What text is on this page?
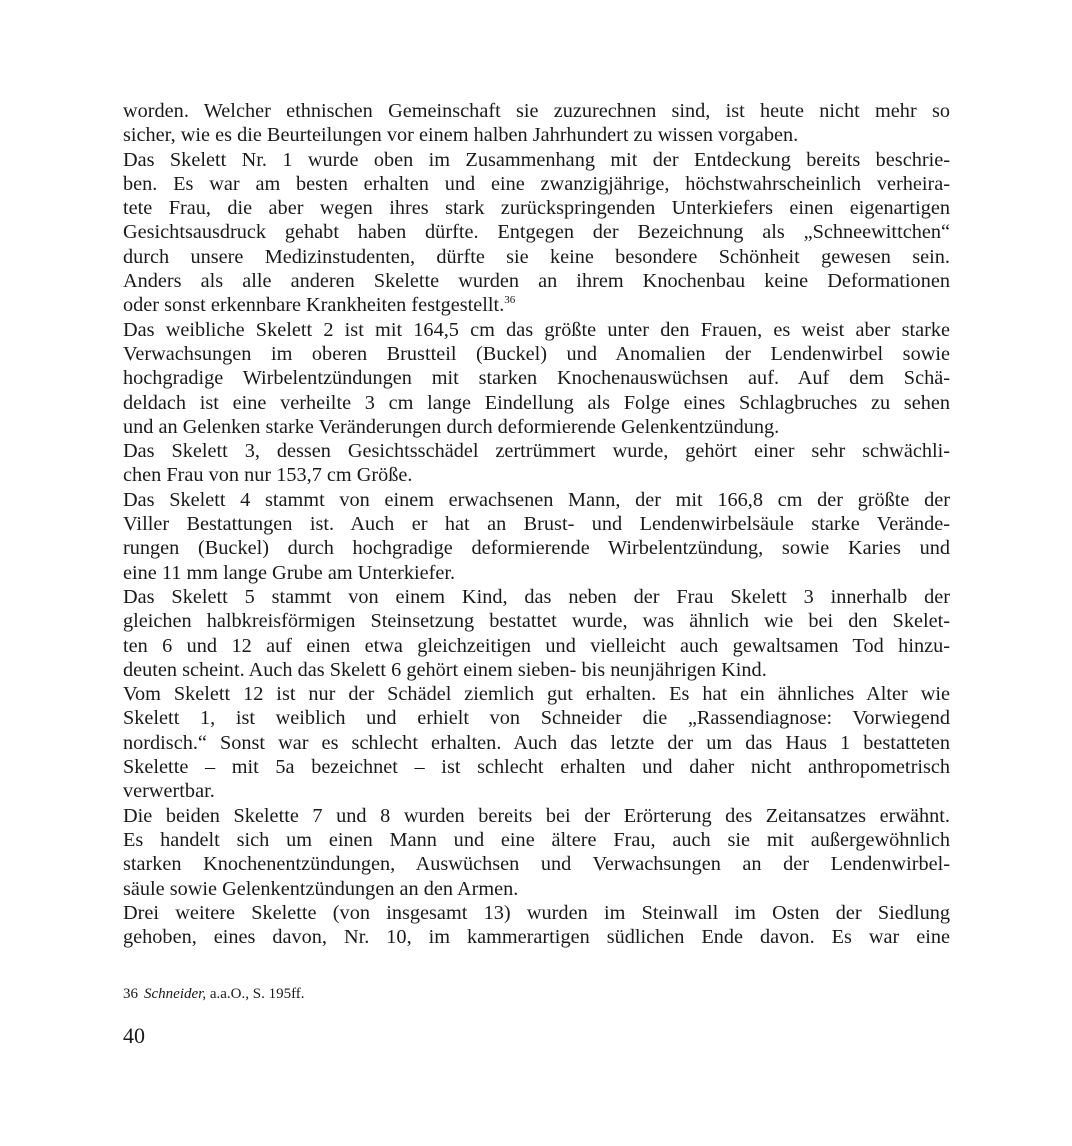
worden. Welcher ethnischen Gemeinschaft sie zuzurechnen sind, ist heute nicht mehr so
sicher, wie es die Beurteilungen vor einem halben Jahrhundert zu wissen vorgaben.
Das Skelett Nr. 1 wurde oben im Zusammenhang mit der Entdeckung bereits beschrie-
ben. Es war am besten erhalten und eine zwanzigjährige, höchstwahrscheinlich verheira-
tete Frau, die aber wegen ihres stark zurückspringenden Unterkiefers einen eigenartigen
Gesichtsausdruck gehabt haben dürfte. Entgegen der Bezeichnung als „Schneewittchen“
durch unsere Medizinstudenten, dürfte sie keine besondere Schönheit gewesen sein.
Anders als alle anderen Skelette wurden an ihrem Knochenbau keine Deformationen
oder sonst erkennbare Krankheiten festgestellt.$^{36}$
Das weibliche Skelett 2 ist mit 164,5 cm das größte unter den Frauen, es weist aber starke
Verwachsungen im oberen Brustteil (Buckel) und Anomalien der Lendenwirbel sowie
hochgradige Wirbelentzündungen mit starken Knochenauswüchsen auf. Auf dem Schä-
deldach ist eine verheilte 3 cm lange Eindellung als Folge eines Schlagbruches zu sehen
und an Gelenken starke Veränderungen durch deformierende Gelenkentzündung.
Das Skelett 3, dessen Gesichtsschädel zertrümmert wurde, gehört einer sehr schwächli-
chen Frau von nur 153,7 cm Größe.
Das Skelett 4 stammt von einem erwachsenen Mann, der mit 166,8 cm der größte der
Viller Bestattungen ist. Auch er hat an Brust- und Lendenwirbelsäule starke Verände-
rungen (Buckel) durch hochgradige deformierende Wirbelentzündung, sowie Karies und
eine 11 mm lange Grube am Unterkiefer.
Das Skelett 5 stammt von einem Kind, das neben der Frau Skelett 3 innerhalb der
gleichen halbkreisförmigen Steinsetzung bestattet wurde, was ähnlich wie bei den Skelet-
ten 6 und 12 auf einen etwa gleichzeitigen und vielleicht auch gewaltsamen Tod hinzu-
deuten scheint. Auch das Skelett 6 gehört einem sieben- bis neunjährigen Kind.
Vom Skelett 12 ist nur der Schädel ziemlich gut erhalten. Es hat ein ähnliches Alter wie
Skelett 1, ist weiblich und erhielt von Schneider die „Rassendiagnose: Vorwiegend
nordisch.“ Sonst war es schlecht erhalten. Auch das letzte der um das Haus 1 bestatteten
Skelette – mit 5a bezeichnet – ist schlecht erhalten und daher nicht anthropometrisch
verwertbar.
Die beiden Skelette 7 und 8 wurden bereits bei der Erörterung des Zeitansatzes erwähnt.
Es handelt sich um einen Mann und eine ältere Frau, auch sie mit außergewöhnlich
starken Knochenentzündungen, Auswüchsen und Verwachsungen an der Lendenwirbel-
säule sowie Gelenkentzündungen an den Armen.
Drei weitere Skelette (von insgesamt 13) wurden im Steinwall im Osten der Siedlung
gehoben, eines davon, Nr. 10, im kammerartigen südlichen Ende davon. Es war eine
36 Schneider, a.a.O., S. 195ff.
40
